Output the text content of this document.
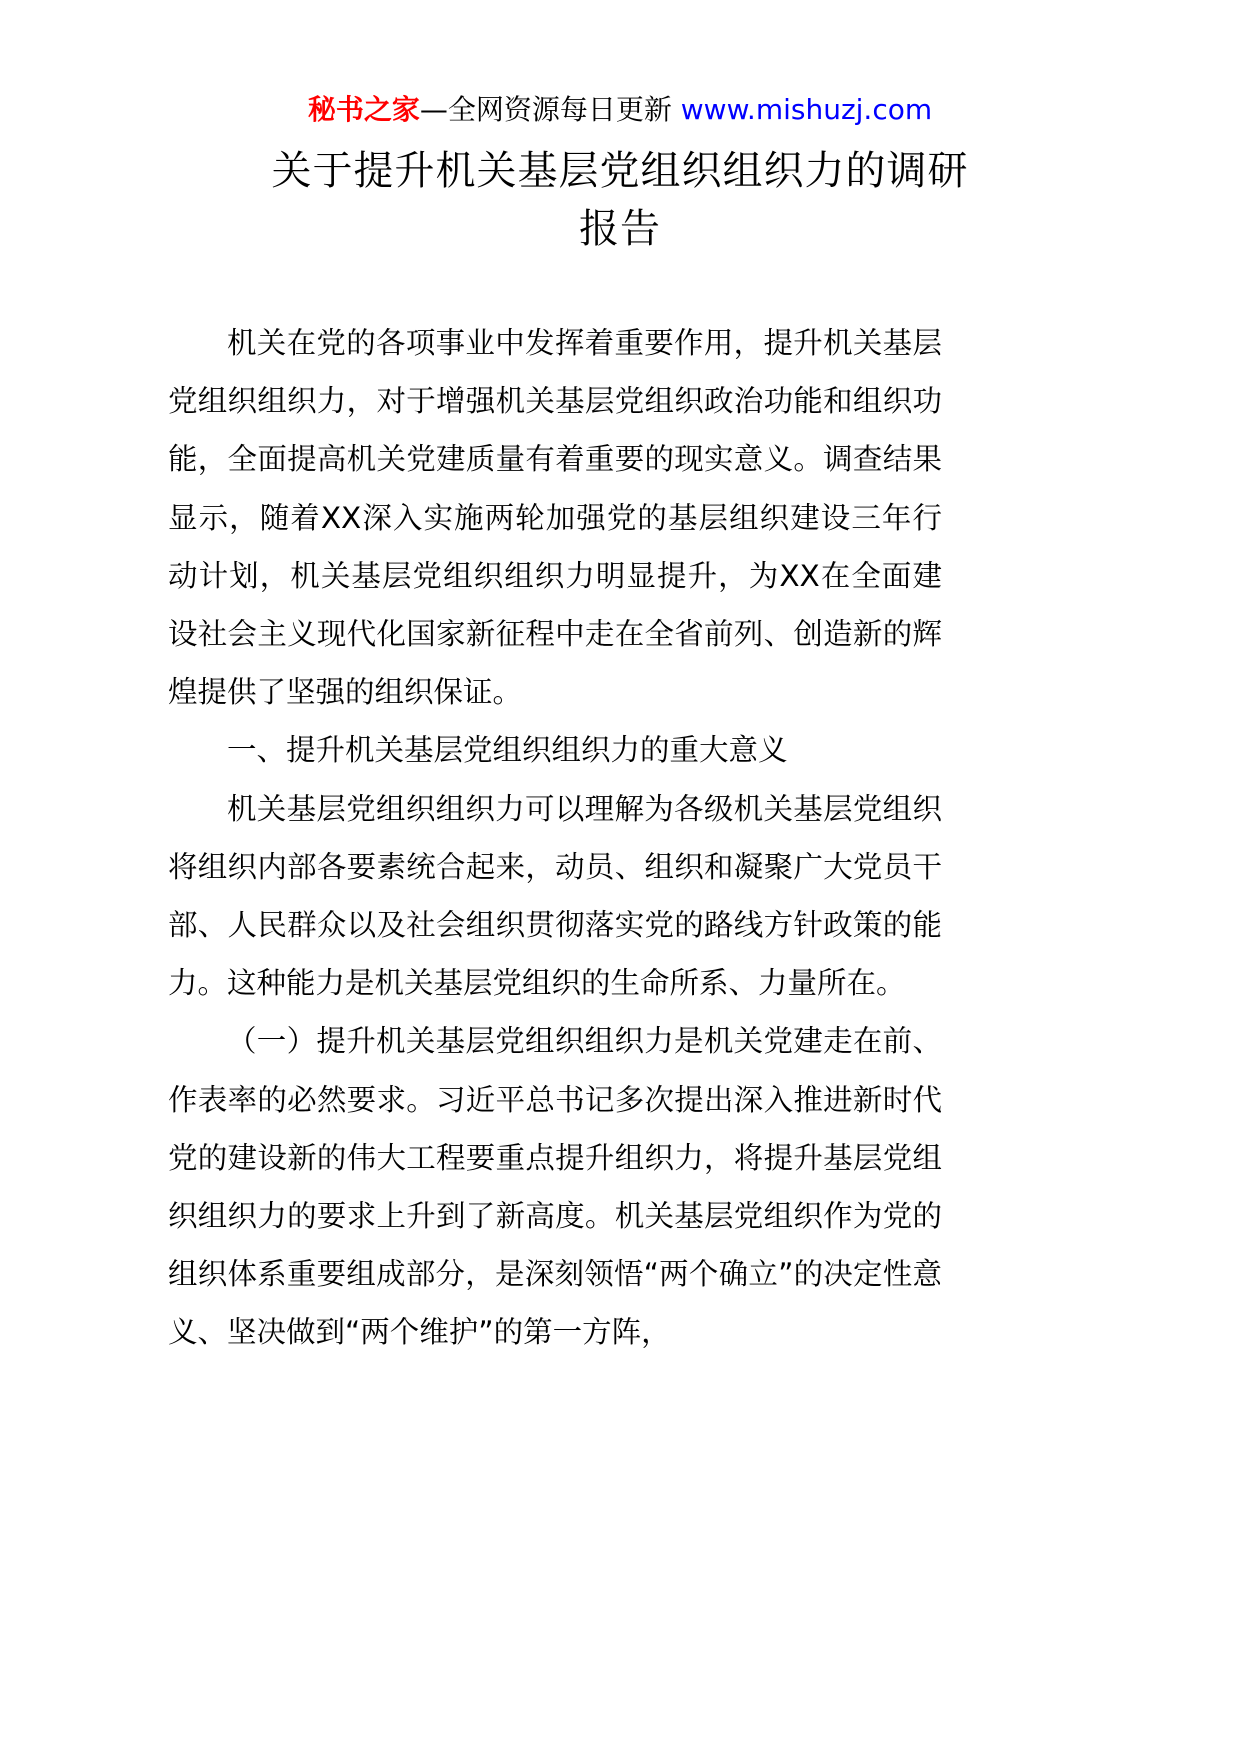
秘书之家—全网资源每日更新 www.mishuzj.com
关于提升机关基层党组织组织力的调研
报告

机关在党的各项事业中发挥着重要作用，提升机关基层党组织组织力，对于增强机关基层党组织政治功能和组织功能，全面提高机关党建质量有着重要的现实意义。调查结果显示，随着XX深入实施两轮加强党的基层组织建设三年行动计划，机关基层党组织组织力明显提升，为XX在全面建设社会主义现代化国家新征程中走在全省前列、创造新的辉煌提供了坚强的组织保证。

一、提升机关基层党组织组织力的重大意义

机关基层党组织组织力可以理解为各级机关基层党组织将组织内部各要素统合起来，动员、组织和凝聚广大党员干部、人民群众以及社会组织贯彻落实党的路线方针政策的能力。这种能力是机关基层党组织的生命所系、力量所在。

（一）提升机关基层党组织组织力是机关党建走在前、作表率的必然要求。习近平总书记多次提出深入推进新时代党的建设新的伟大工程要重点提升组织力，将提升基层党组织组织力的要求上升到了新高度。机关基层党组织作为党的组织体系重要组成部分，是深刻领悟“两个确立”的决定性意义、坚决做到“两个维护”的第一方阵，
